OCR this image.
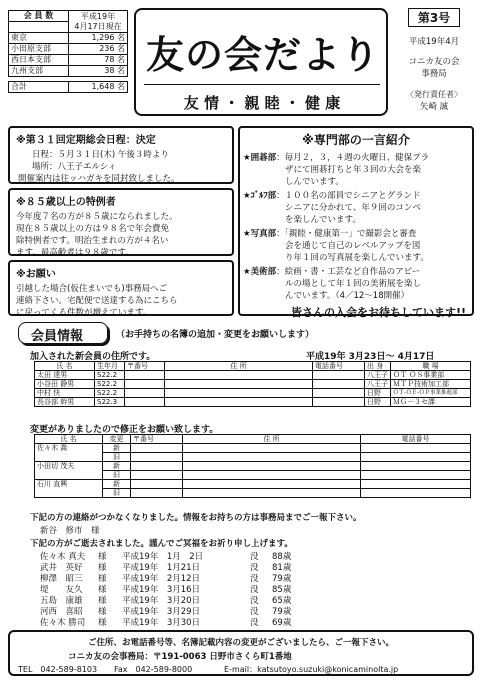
会 員 数	平成19年
4月17日現在

東京	1,296 名
小田原支部	236 名
西日本支部	78 名
九州支部	38 名

合計	1,648 名
友の会だより
友 情 ・ 親 睦 ・ 健 康
第3号
平成19年4月
コニカ友の会
事務局
〈発行責任者〉
矢崎 誠
※第３１回定期総会日程：決定
日程：５月３１日(木) 午後３時より
場所：八王子エルシィ
開催案内は往ッハガキを同封致しました。
※８５歳以上の特例者
今年度７名の方が８５歳になられました。
現在８５歳以上の方は９８名で年会費免
除特例者です。明治生まれの方が４名い
ます。最高齢者は９８歳です。
※お願い
引越した場合(仮住まいでも)事務局へご
連絡下さい。宅配便で送達する為にこちら
に戻ってくる件数が増えています。
※専門部の一言紹介
★囲碁部：毎月２，３，４週の火曜日、健保プラ
ザにて囲碁打ちと年３回の大会を楽
しんでいます。
★ｺﾞﾙﾌ部：１００名の部員でシニアとグランド
シニアに分かれて、年９回のコンペ
を楽しんでいます。
★写真部：「親睦・健康第一」で撮影会と審査
会を通じて自己のレベルアップを図
り年１回の写真展を楽しんでいます。
★美術部：絵画・書・工芸など自作品のアピー
ルの場として年１回の美術展を楽し
んでいます。（4／12～18開催）
皆さんの入会をお待ちしています!!
会員情報	（お手持ちの名簿の追加・変更をお願いします）
加入された新会員の住所です。	平成19年 3月23日～ 4月17日
氏 名	生年月	〒番号	住 所	電話番号	出 身	職 場
太田 達男	S22.2				八王子	ＯＴ ＯＳ事業部
小谷田 静男	S22.2				八王子	ＭＴＰ技術加工部
中村 快	S22.2				日野	ＯＴ-ＯＥ-ＯＰ事業推進部
長谷部 幹男	S22.3				日野	ＭＧ－３セ課
変更がありましたので修正をお願い致します。
氏 名	変更	〒番号	住 所	電話番号
佐々木 喬	新			
	旧			
小田切 茂夫	新			
	旧			
石川 直興	新			
	旧			
下記の方の連絡がつかなくなりました。情報をお持ちの方は事務局までご一報下さい。
新谷　修市　様
下記の方がご逝去されました。謹んでご冥福をお祈り申し上げます。
佐々木 真夫 様 平成19年　1月　2日	没 88歳
武井　英好 様 平成19年　1月21日	没 81歳
柳澤　昭三 様 平成19年　2月12日	没 79歳
堤　　友久 様 平成19年　3月16日	没 85歳
五島　康雄 様 平成19年　3月20日	没 65歳
河西　喜昭 様 平成19年　3月29日	没 79歳
佐々木 勝司 様 平成19年　3月30日	没 69歳
ご住所、お電話番号等、名簿記載内容の変更がございましたら、ご一報下さい。
コニカ友の会事務局：〒191-0063 日野市さくら町1番地
TEL　042-589-8103 Fax　042-589-8000	E-mail：katsutoyo.suzuki@konicaminolta.jp
